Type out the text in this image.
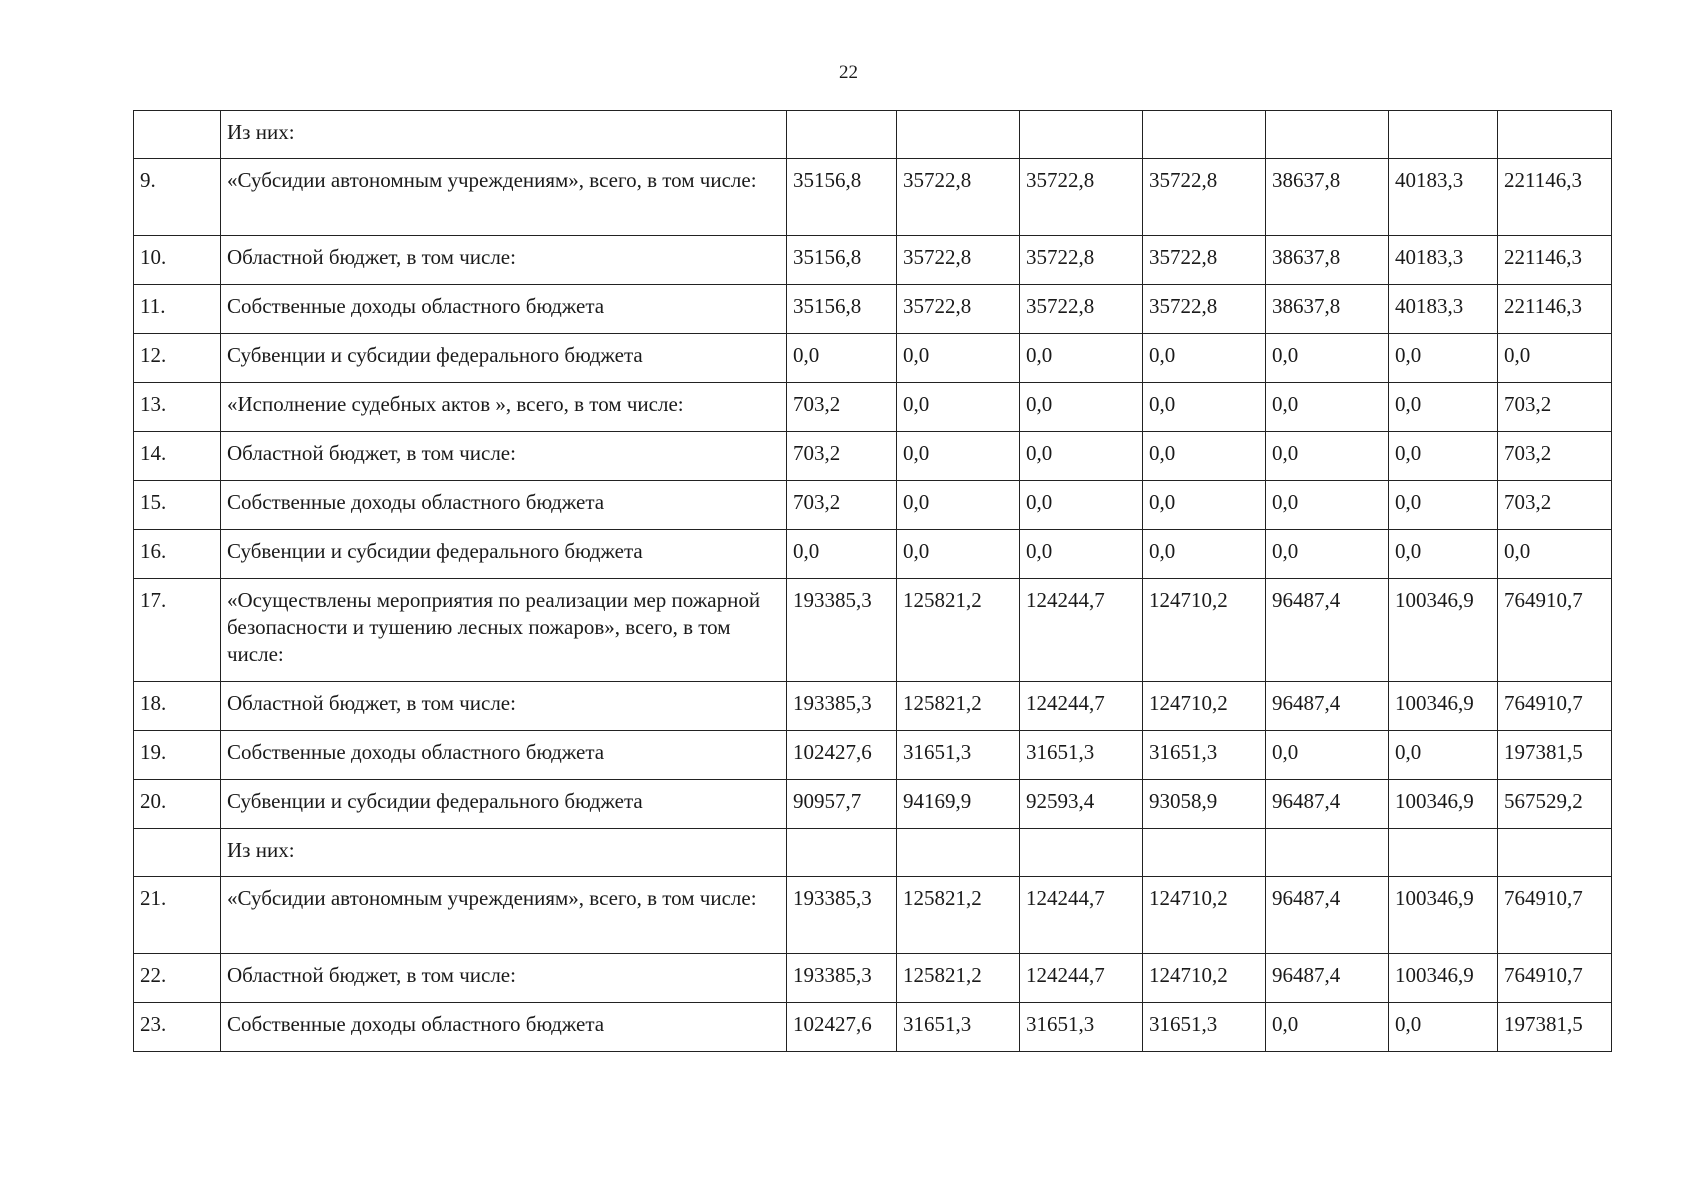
22
	Из них:							
9.	«Субсидии автономным учреждениям», всего, в том числе:	35156,8	35722,8	35722,8	35722,8	38637,8	40183,3	221146,3
10.	Областной бюджет, в том числе:	35156,8	35722,8	35722,8	35722,8	38637,8	40183,3	221146,3
11.	Собственные доходы областного бюджета	35156,8	35722,8	35722,8	35722,8	38637,8	40183,3	221146,3
12.	Субвенции и субсидии федерального бюджета	0,0	0,0	0,0	0,0	0,0	0,0	0,0
13.	«Исполнение судебных актов », всего, в том числе:	703,2	0,0	0,0	0,0	0,0	0,0	703,2
14.	Областной бюджет, в том числе:	703,2	0,0	0,0	0,0	0,0	0,0	703,2
15.	Собственные доходы областного бюджета	703,2	0,0	0,0	0,0	0,0	0,0	703,2
16.	Субвенции и субсидии федерального бюджета	0,0	0,0	0,0	0,0	0,0	0,0	0,0
17.	«Осуществлены мероприятия по реализации мер пожарной безопасности и тушению лесных пожаров», всего, в том числе:	193385,3	125821,2	124244,7	124710,2	96487,4	100346,9	764910,7
18.	Областной бюджет, в том числе:	193385,3	125821,2	124244,7	124710,2	96487,4	100346,9	764910,7
19.	Собственные доходы областного бюджета	102427,6	31651,3	31651,3	31651,3	0,0	0,0	197381,5
20.	Субвенции и субсидии федерального бюджета	90957,7	94169,9	92593,4	93058,9	96487,4	100346,9	567529,2
	Из них:							
21.	«Субсидии автономным учреждениям», всего, в том числе:	193385,3	125821,2	124244,7	124710,2	96487,4	100346,9	764910,7
22.	Областной бюджет, в том числе:	193385,3	125821,2	124244,7	124710,2	96487,4	100346,9	764910,7
23.	Собственные доходы областного бюджета	102427,6	31651,3	31651,3	31651,3	0,0	0,0	197381,5
